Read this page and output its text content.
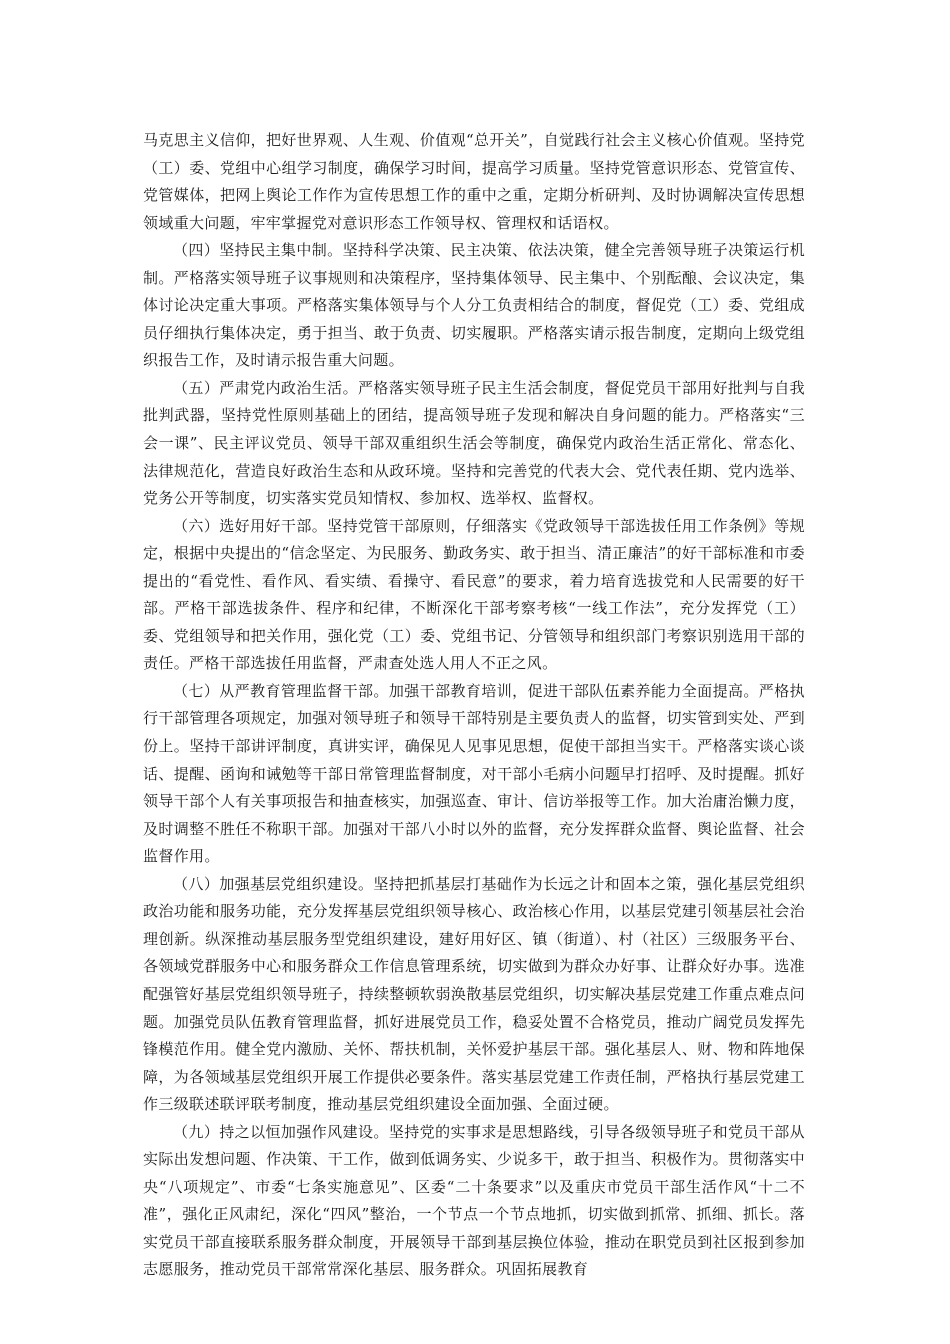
马克思主义信仰，把好世界观、人生观、价值观“总开关”，自觉践行社会主义核心价值观。坚持党（工）委、党组中心组学习制度，确保学习时间，提高学习质量。坚持党管意识形态、党管宣传、党管媒体，把网上舆论工作作为宣传思想工作的重中之重，定期分析研判、及时协调解决宣传思想领域重大问题，牢牢掌握党对意识形态工作领导权、管理权和话语权。

（四）坚持民主集中制。坚持科学决策、民主决策、依法决策，健全完善领导班子决策运行机制。严格落实领导班子议事规则和决策程序，坚持集体领导、民主集中、个别酝酿、会议决定，集体讨论决定重大事项。严格落实集体领导与个人分工负责相结合的制度，督促党（工）委、党组成员仔细执行集体决定，勇于担当、敢于负责、切实履职。严格落实请示报告制度，定期向上级党组织报告工作，及时请示报告重大问题。

（五）严肃党内政治生活。严格落实领导班子民主生活会制度，督促党员干部用好批判与自我批判武器，坚持党性原则基础上的团结，提高领导班子发现和解决自身问题的能力。严格落实“三会一课”、民主评议党员、领导干部双重组织生活会等制度，确保党内政治生活正常化、常态化、法律规范化，营造良好政治生态和从政环境。坚持和完善党的代表大会、党代表任期、党内选举、党务公开等制度，切实落实党员知情权、参加权、选举权、监督权。

（六）选好用好干部。坚持党管干部原则，仔细落实《党政领导干部选拔任用工作条例》等规定，根据中央提出的“信念坚定、为民服务、勤政务实、敢于担当、清正廉洁”的好干部标准和市委提出的“看党性、看作风、看实绩、看操守、看民意”的要求，着力培育选拔党和人民需要的好干部。严格干部选拔条件、程序和纪律，不断深化干部考察考核“一线工作法”，充分发挥党（工）委、党组领导和把关作用，强化党（工）委、党组书记、分管领导和组织部门考察识别选用干部的责任。严格干部选拔任用监督，严肃查处选人用人不正之风。

（七）从严教育管理监督干部。加强干部教育培训，促进干部队伍素养能力全面提高。严格执行干部管理各项规定，加强对领导班子和领导干部特别是主要负责人的监督，切实管到实处、严到份上。坚持干部讲评制度，真讲实评，确保见人见事见思想，促使干部担当实干。严格落实谈心谈话、提醒、函询和诫勉等干部日常管理监督制度，对干部小毛病小问题早打招呼、及时提醒。抓好领导干部个人有关事项报告和抽查核实，加强巡查、审计、信访举报等工作。加大治庸治懒力度，及时调整不胜任不称职干部。加强对干部八小时以外的监督，充分发挥群众监督、舆论监督、社会监督作用。

（八）加强基层党组织建设。坚持把抓基层打基础作为长远之计和固本之策，强化基层党组织政治功能和服务功能，充分发挥基层党组织领导核心、政治核心作用，以基层党建引领基层社会治理创新。纵深推动基层服务型党组织建设，建好用好区、镇（街道）、村（社区）三级服务平台、各领域党群服务中心和服务群众工作信息管理系统，切实做到为群众办好事、让群众好办事。选准配强管好基层党组织领导班子，持续整顿软弱涣散基层党组织，切实解决基层党建工作重点难点问题。加强党员队伍教育管理监督，抓好进展党员工作，稳妥处置不合格党员，推动广阔党员发挥先锋模范作用。健全党内激励、关怀、帮扶机制，关怀爱护基层干部。强化基层人、财、物和阵地保障，为各领域基层党组织开展工作提供必要条件。落实基层党建工作责任制，严格执行基层党建工作三级联述联评联考制度，推动基层党组织建设全面加强、全面过硬。

（九）持之以恒加强作风建设。坚持党的实事求是思想路线，引导各级领导班子和党员干部从实际出发想问题、作决策、干工作，做到低调务实、少说多干，敢于担当、积极作为。贯彻落实中央“八项规定”、市委“七条实施意见”、区委“二十条要求”以及重庆市党员干部生活作风“十二不准”，强化正风肃纪，深化“四风”整治，一个节点一个节点地抓，切实做到抓常、抓细、抓长。落实党员干部直接联系服务群众制度，开展领导干部到基层换位体验，推动在职党员到社区报到参加志愿服务，推动党员干部常常深化基层、服务群众。巩固拓展教育
